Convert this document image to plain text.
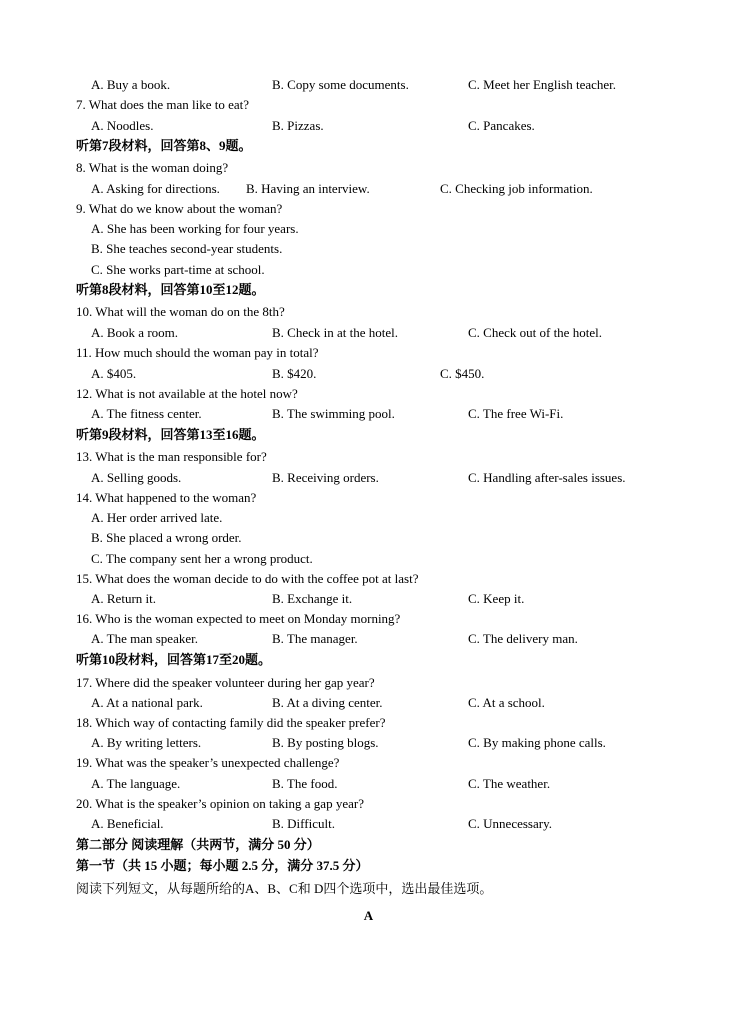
A. Buy a book.	B. Copy some documents.	C. Meet her English teacher.
7. What does the man like to eat?
A. Noodles.	B. Pizzas.	C. Pancakes.
听第7段材料，回答第8、9题。
8. What is the woman doing?
A. Asking for directions. B. Having an interview.	C. Checking job information.
9. What do we know about the woman?
A. She has been working for four years.
B. She teaches second-year students.
C. She works part-time at school.
听第8段材料，回答第10至12题。
10. What will the woman do on the 8th?
A. Book a room.	B. Check in at the hotel.	C. Check out of the hotel.
11. How much should the woman pay in total?
A. $405.	B. $420.	C. $450.
12. What is not available at the hotel now?
A. The fitness center.	B. The swimming pool.	C. The free Wi-Fi.
听第9段材料，回答第13至16题。
13. What is the man responsible for?
A. Selling goods.	B. Receiving orders.	C. Handling after-sales issues.
14. What happened to the woman?
A. Her order arrived late.
B. She placed a wrong order.
C. The company sent her a wrong product.
15. What does the woman decide to do with the coffee pot at last?
A. Return it.	B. Exchange it.	C. Keep it.
16. Who is the woman expected to meet on Monday morning?
A. The man speaker.	B. The manager.	C. The delivery man.
听第10段材料，回答第17至20题。
17. Where did the speaker volunteer during her gap year?
A. At a national park.	B. At a diving center.	C. At a school.
18. Which way of contacting family did the speaker prefer?
A. By writing letters.	B. By posting blogs.	C. By making phone calls.
19. What was the speaker’s unexpected challenge?
A. The language.	B. The food.	C. The weather.
20. What is the speaker’s opinion on taking a gap year?
A. Beneficial.	B. Difficult.	C. Unnecessary.
第二部分 阅读理解（共两节，满分 50 分）
第一节（共 15 小题；每小题 2.5 分，满分 37.5 分）
阅读下列短文，从每题所给的A、B、C和 D四个选项中，选出最佳选项。
A
